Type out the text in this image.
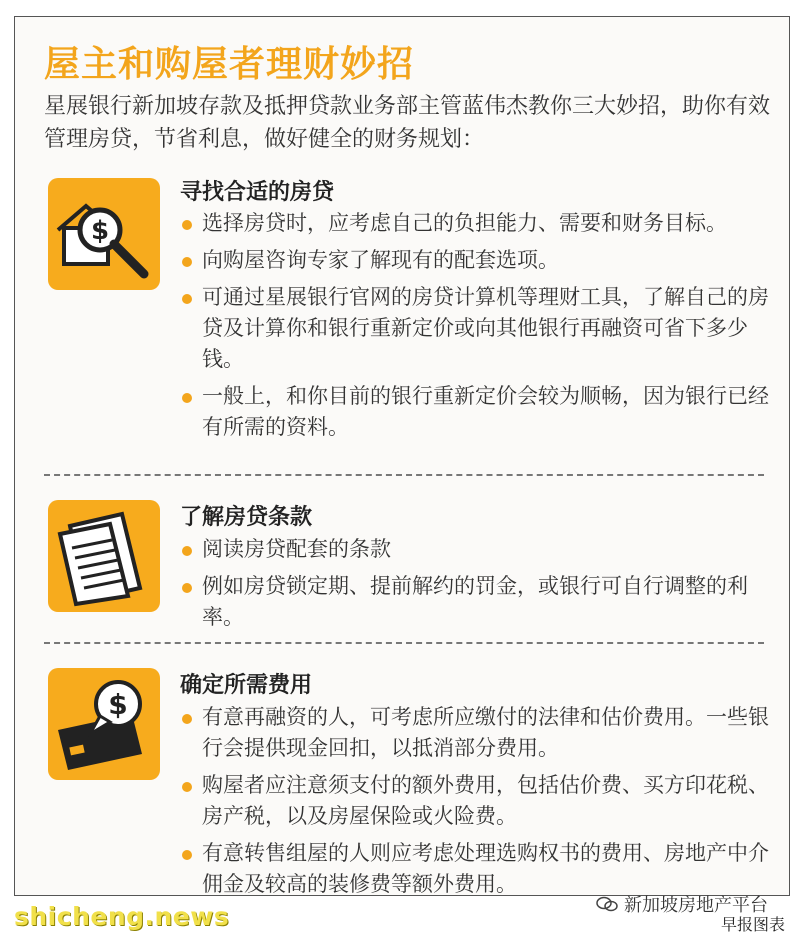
屋主和购屋者理财妙招
星展银行新加坡存款及抵押贷款业务部主管蓝伟杰教你三大妙招，助你有效管理房贷，节省利息，做好健全的财务规划：
$
寻找合适的房贷
选择房贷时，应考虑自己的负担能力、需要和财务目标。
向购屋咨询专家了解现有的配套选项。
可通过星展银行官网的房贷计算机等理财工具，了解自己的房贷及计算你和银行重新定价或向其他银行再融资可省下多少钱。
一般上，和你目前的银行重新定价会较为顺畅，因为银行已经有所需的资料。
了解房贷条款
阅读房贷配套的条款
例如房贷锁定期、提前解约的罚金，或银行可自行调整的利率。
$
确定所需费用
有意再融资的人，可考虑所应缴付的法律和估价费用。一些银行会提供现金回扣，以抵消部分费用。
购屋者应注意须支付的额外费用，包括估价费、买方印花税、房产税，以及房屋保险或火险费。
有意转售组屋的人则应考虑处理选购权书的费用、房地产中介佣金及较高的装修费等额外费用。
shicheng.news	新加坡房地产平台
早报图表
